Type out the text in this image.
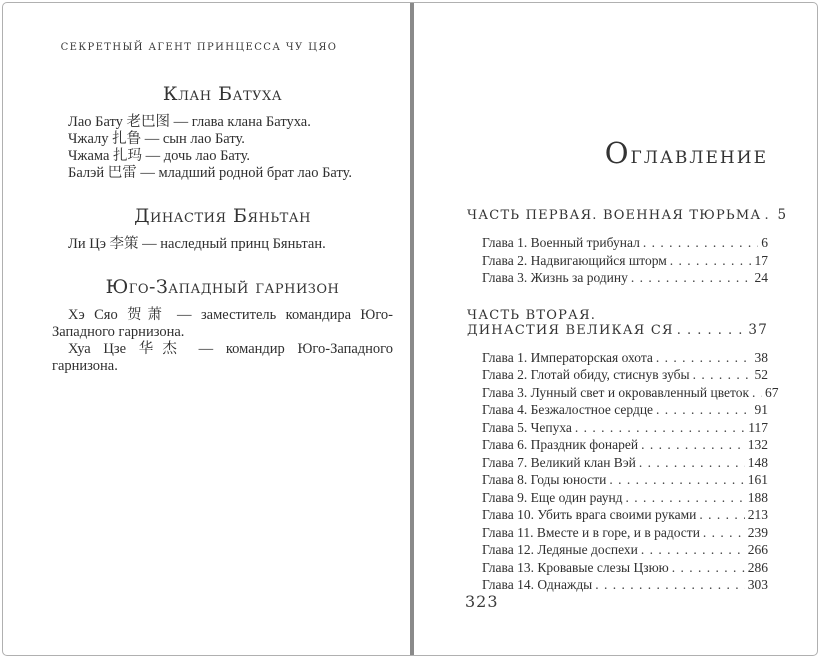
СЕКРЕТНЫЙ АГЕНТ ПРИНЦЕССА ЧУ ЦЯО
Клан Батуха

Лао Бату 老巴图 — глава клана Батуха.

Чжалу 扎鲁 — сын лао Бату.

Чжама 扎玛 — дочь лао Бату.

Балэй 巴雷 — младший родной брат лао Бату.

Династия Бяньтан

Ли Цэ 李策 — наследный принц Бяньтан.

Юго-Западный гарнизон

Хэ Сяо 贺萧 — заместитель командира Юго-Западного гарнизона.

Хуа Цзе 华杰 — командир Юго-Западного гарнизона.

Оглавление
ЧАСТЬ ПЕРВАЯ. ВОЕННАЯ ТЮРЬМА . . . 5
Глава 1. Военный трибунал . . .	6
Глава 2. Надвигающийся шторм . . .	17
Глава 3. Жизнь за родину . . .	24
ЧАСТЬ ВТОРАЯ.
ДИНАСТИЯ ВЕЛИКАЯ СЯ . . .	37
Глава 1. Императорская охота . . .	38
Глава 2. Глотай обиду, стиснув зубы . . .	52
Глава 3. Лунный свет и окровавленный цветок . . . 67
Глава 4. Безжалостное сердце . . .	91
Глава 5. Чепуха . . .	117
Глава 6. Праздник фонарей . . .	132
Глава 7. Великий клан Вэй . . .	148
Глава 8. Годы юности . . .	161
Глава 9. Еще один раунд . . .	188
Глава 10. Убить врага своими руками . . .	213
Глава 11. Вместе и в горе, и в радости . . .	239
Глава 12. Ледяные доспехи . . .	266
Глава 13. Кровавые слезы Цзюю . . .	286
Глава 14. Однажды . . .	303
323
